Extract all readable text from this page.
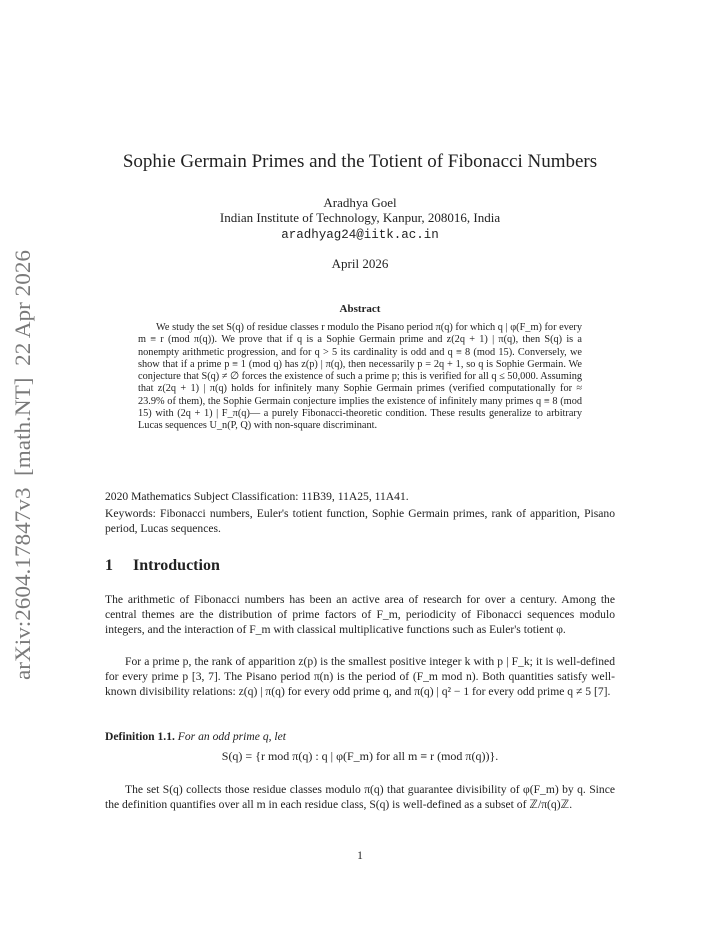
arXiv:2604.17847v3  [math.NT]  22 Apr 2026
Sophie Germain Primes and the Totient of Fibonacci Numbers
Aradhya Goel
Indian Institute of Technology, Kanpur, 208016, India
aradhyag24@iitk.ac.in
April 2026
Abstract
We study the set S(q) of residue classes r modulo the Pisano period π(q) for which q | φ(F_m) for every m ≡ r (mod π(q)). We prove that if q is a Sophie Germain prime and z(2q + 1) | π(q), then S(q) is a nonempty arithmetic progression, and for q > 5 its cardinality is odd and q ≡ 8 (mod 15). Conversely, we show that if a prime p ≡ 1 (mod q) has z(p) | π(q), then necessarily p = 2q + 1, so q is Sophie Germain. We conjecture that S(q) ≠ ∅ forces the existence of such a prime p; this is verified for all q ≤ 50,000. Assuming that z(2q + 1) | π(q) holds for infinitely many Sophie Germain primes (verified computationally for ≈ 23.9% of them), the Sophie Germain conjecture implies the existence of infinitely many primes q ≡ 8 (mod 15) with (2q + 1) | F_π(q)— a purely Fibonacci-theoretic condition. These results generalize to arbitrary Lucas sequences U_n(P, Q) with non-square discriminant.
2020 Mathematics Subject Classification: 11B39, 11A25, 11A41.
Keywords: Fibonacci numbers, Euler's totient function, Sophie Germain primes, rank of apparition, Pisano period, Lucas sequences.
1 Introduction
The arithmetic of Fibonacci numbers has been an active area of research for over a century. Among the central themes are the distribution of prime factors of F_m, periodicity of Fibonacci sequences modulo integers, and the interaction of F_m with classical multiplicative functions such as Euler's totient φ.
For a prime p, the rank of apparition z(p) is the smallest positive integer k with p | F_k; it is well-defined for every prime p [3, 7]. The Pisano period π(n) is the period of (F_m mod n). Both quantities satisfy well-known divisibility relations: z(q) | π(q) for every odd prime q, and π(q) | q² − 1 for every odd prime q ≠ 5 [7].
Definition 1.1. For an odd prime q, let
S(q) = {r mod π(q) : q | φ(F_m) for all m ≡ r (mod π(q))}.
The set S(q) collects those residue classes modulo π(q) that guarantee divisibility of φ(F_m) by q. Since the definition quantifies over all m in each residue class, S(q) is well-defined as a subset of ℤ/π(q)ℤ.
1
